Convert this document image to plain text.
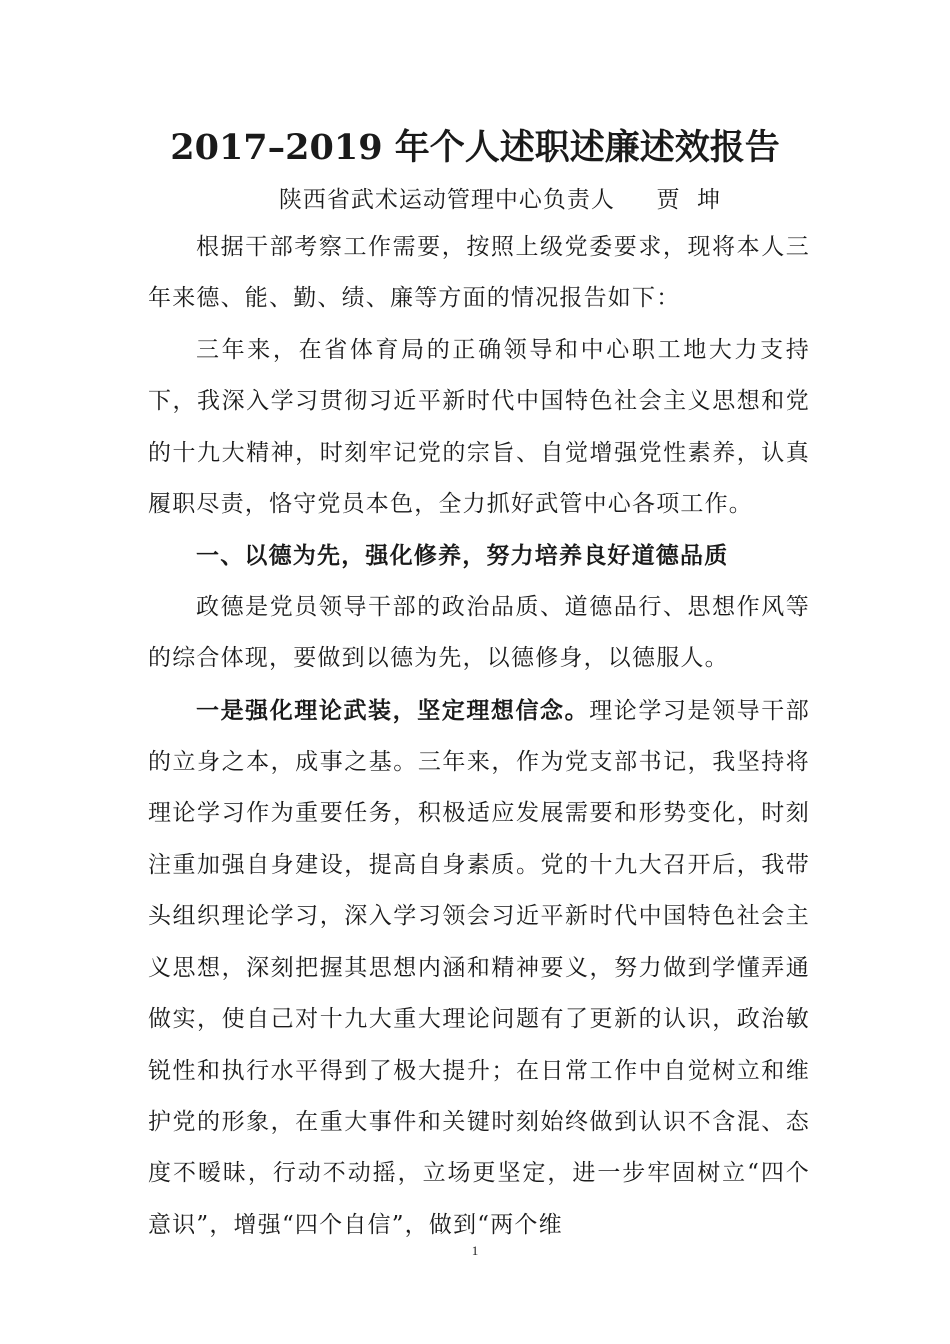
2017–2019 年个人述职述廉述效报告
陕西省武术运动管理中心负责人     贾  坤

根据干部考察工作需要，按照上级党委要求，现将本人三年来德、能、勤、绩、廉等方面的情况报告如下：

三年来，在省体育局的正确领导和中心职工地大力支持下，我深入学习贯彻习近平新时代中国特色社会主义思想和党的十九大精神，时刻牢记党的宗旨、自觉增强党性素养，认真履职尽责，恪守党员本色，全力抓好武管中心各项工作。

一、以德为先，强化修养，努力培养良好道德品质

政德是党员领导干部的政治品质、道德品行、思想作风等的综合体现，要做到以德为先，以德修身，以德服人。

一是强化理论武装，坚定理想信念。理论学习是领导干部的立身之本，成事之基。三年来，作为党支部书记，我坚持将理论学习作为重要任务，积极适应发展需要和形势变化，时刻注重加强自身建设，提高自身素质。党的十九大召开后，我带头组织理论学习，深入学习领会习近平新时代中国特色社会主义思想，深刻把握其思想内涵和精神要义，努力做到学懂弄通做实，使自己对十九大重大理论问题有了更新的认识，政治敏锐性和执行水平得到了极大提升；在日常工作中自觉树立和维护党的形象，在重大事件和关键时刻始终做到认识不含混、态度不暧昧，行动不动摇，立场更坚定，进一步牢固树立“四个意识”，增强“四个自信”，做到“两个维

1
